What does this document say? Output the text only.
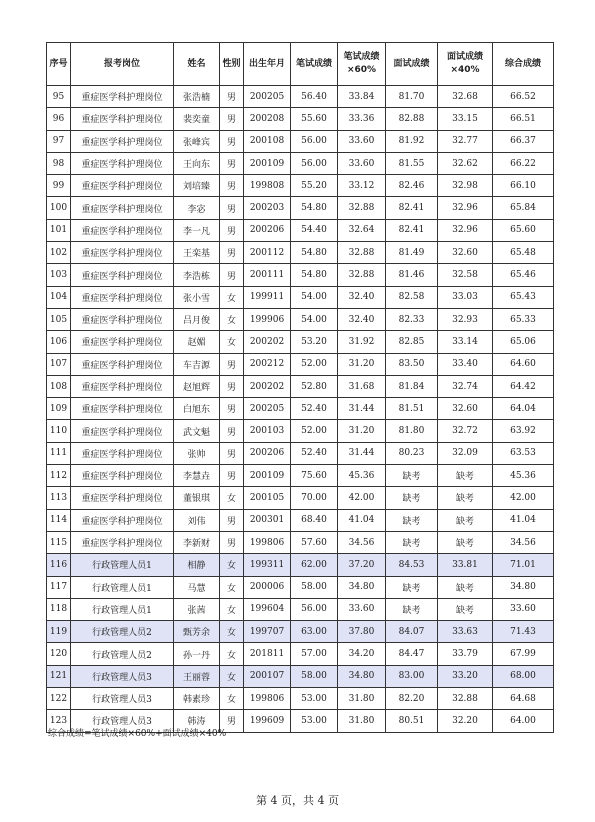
序号	报考岗位	姓名	性别	出生年月	笔试成绩	笔试成绩×60%	面试成绩	面试成绩×40%	综合成绩
95	重症医学科护理岗位	张浩楠	男	200205	56.40	33.84	81.70	32.68	66.52
96	重症医学科护理岗位	裴奕童	男	200208	55.60	33.36	82.88	33.15	66.51
97	重症医学科护理岗位	张峰宾	男	200108	56.00	33.60	81.92	32.77	66.37
98	重症医学科护理岗位	王向东	男	200109	56.00	33.60	81.55	32.62	66.22
99	重症医学科护理岗位	刘培臻	男	199808	55.20	33.12	82.46	32.98	66.10
100	重症医学科护理岗位	李宓	男	200203	54.80	32.88	82.41	32.96	65.84
101	重症医学科护理岗位	李一凡	男	200206	54.40	32.64	82.41	32.96	65.60
102	重症医学科护理岗位	王栾基	男	200112	54.80	32.88	81.49	32.60	65.48
103	重症医学科护理岗位	李浩栋	男	200111	54.80	32.88	81.46	32.58	65.46
104	重症医学科护理岗位	张小雪	女	199911	54.00	32.40	82.58	33.03	65.43
105	重症医学科护理岗位	吕月俊	女	199906	54.00	32.40	82.33	32.93	65.33
106	重症医学科护理岗位	赵媚	女	200202	53.20	31.92	82.85	33.14	65.06
107	重症医学科护理岗位	车吉源	男	200212	52.00	31.20	83.50	33.40	64.60
108	重症医学科护理岗位	赵旭辉	男	200202	52.80	31.68	81.84	32.74	64.42
109	重症医学科护理岗位	白旭东	男	200205	52.40	31.44	81.51	32.60	64.04
110	重症医学科护理岗位	武文魁	男	200103	52.00	31.20	81.80	32.72	63.92
111	重症医学科护理岗位	张帅	男	200206	52.40	31.44	80.23	32.09	63.53
112	重症医学科护理岗位	李慧垚	男	200109	75.60	45.36	缺考	缺考	45.36
113	重症医学科护理岗位	董银琪	女	200105	70.00	42.00	缺考	缺考	42.00
114	重症医学科护理岗位	刘伟	男	200301	68.40	41.04	缺考	缺考	41.04
115	重症医学科护理岗位	李新财	男	199806	57.60	34.56	缺考	缺考	34.56
116	行政管理人员1	相静	女	199311	62.00	37.20	84.53	33.81	71.01
117	行政管理人员1	马慧	女	200006	58.00	34.80	缺考	缺考	34.80
118	行政管理人员1	张茜	女	199604	56.00	33.60	缺考	缺考	33.60
119	行政管理人员2	甄芳余	女	199707	63.00	37.80	84.07	33.63	71.43
120	行政管理人员2	孙一丹	女	201811	57.00	34.20	84.47	33.79	67.99
121	行政管理人员3	王丽蓉	女	200107	58.00	34.80	83.00	33.20	68.00
122	行政管理人员3	韩素珍	女	199806	53.00	31.80	82.20	32.88	64.68
123	行政管理人员3	韩涛	男	199609	53.00	31.80	80.51	32.20	64.00
综合成绩=笔试成绩×60%+面试成绩×40%
第 4 页，共 4 页
